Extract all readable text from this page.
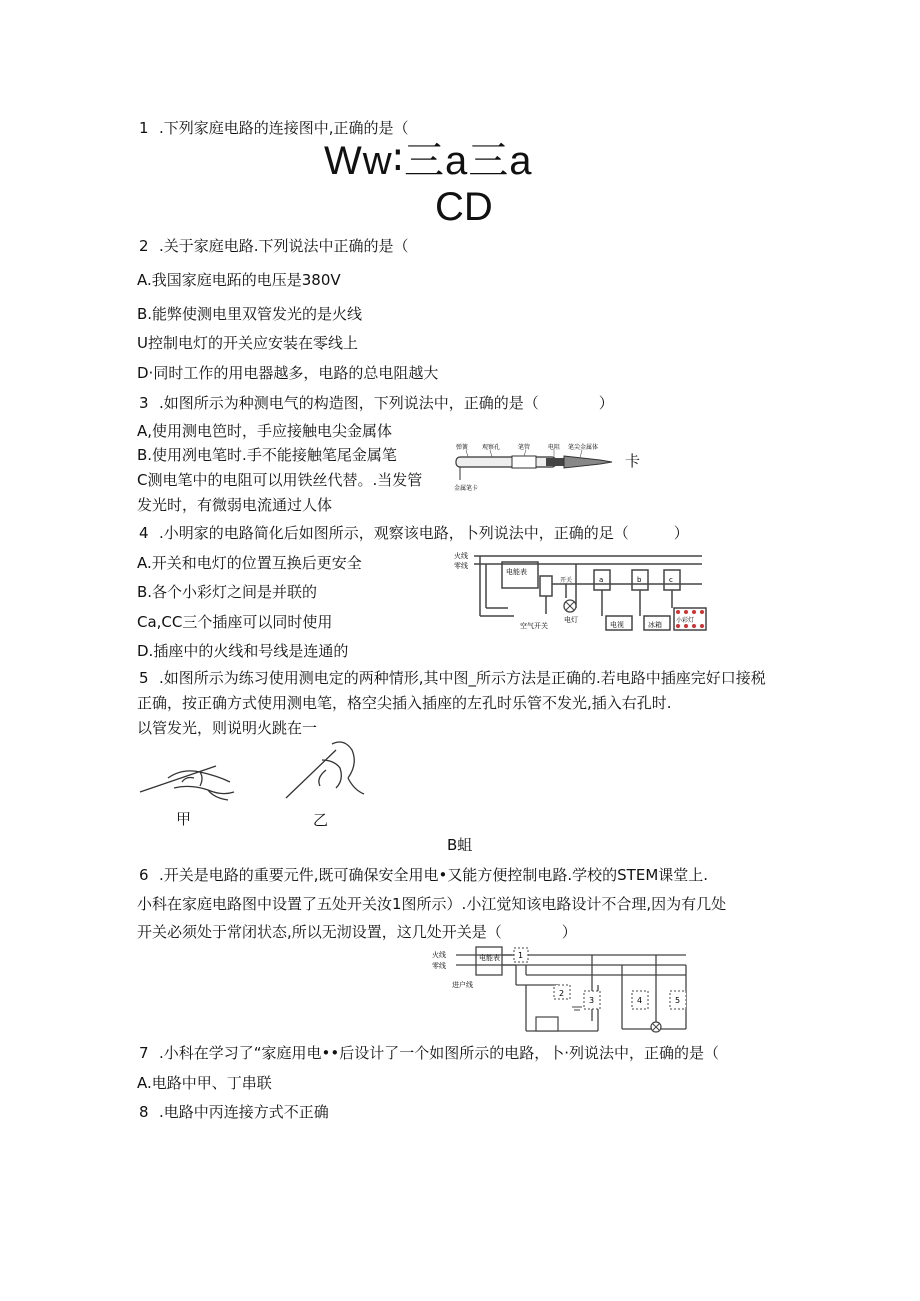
1 .下列家庭电路的连接图中,正确的是（
Ww∶三a三a
CD
2 .关于家庭电路.下列说法中正确的是（
A.我国家庭电跖的电压是380V
B.能弊使测电里双管发光的是火线
U控制电灯的开关应安装在零线上
D·同时工作的用电器越多，电路的总电阻越大
3 .如图所示为种测电气的构造图，下列说法中，正确的是（　　　　）
A,使用测电笆时，手应接触电尖金属体
B.使用冽电笔时.手不能接触笔尾金属笔
C测电笔中的电阻可以用铁丝代替。.当发管
发光时，有微弱电流通过人体
卡
弹簧 观察孔	笔管	电阻 笔尖金属体
金属笔卡
4 .小明家的电路简化后如图所示，观察该电路，卜列说法中，正确的足（　　　）
A.开关和电灯的位置互换后更安全
B.各个小彩灯之间是并联的
Ca,CC三个插座可以同时使用
D.插座中的火线和号线是连通的
火线
零线
电能表
开关
电灯
空气开关	电视	冰箱
小彩灯
a	b	c
5 .如图所示为练习使用测电定的两种情形,其中图_所示方法是正确的.若电路中插座完好口接税
正确，按正确方式使用测电笔，格空尖插入插座的左孔时乐管不发光,插入右孔时.
以管发光，则说明火跳在一
甲	乙
B蛆
6 .开关是电路的重要元件,既可确保安全用电•又能方便控制电路.学校的STEM课堂上.
小科在家庭电路图中设置了五处开关汝1图所示）.小江觉知该电路设计不合理,因为有几处
开关必须处于常闭状态,所以无沏设置，这几处开关是（　　　　）
火线
零线
进户线
电能表 1
2
3	4	5
7 .小科在学习了“家庭用电••后设计了一个如图所示的电路，卜·列说法中，正确的是（
A.电路中甲、丁串联
8 .电路中丙连接方式不正确
